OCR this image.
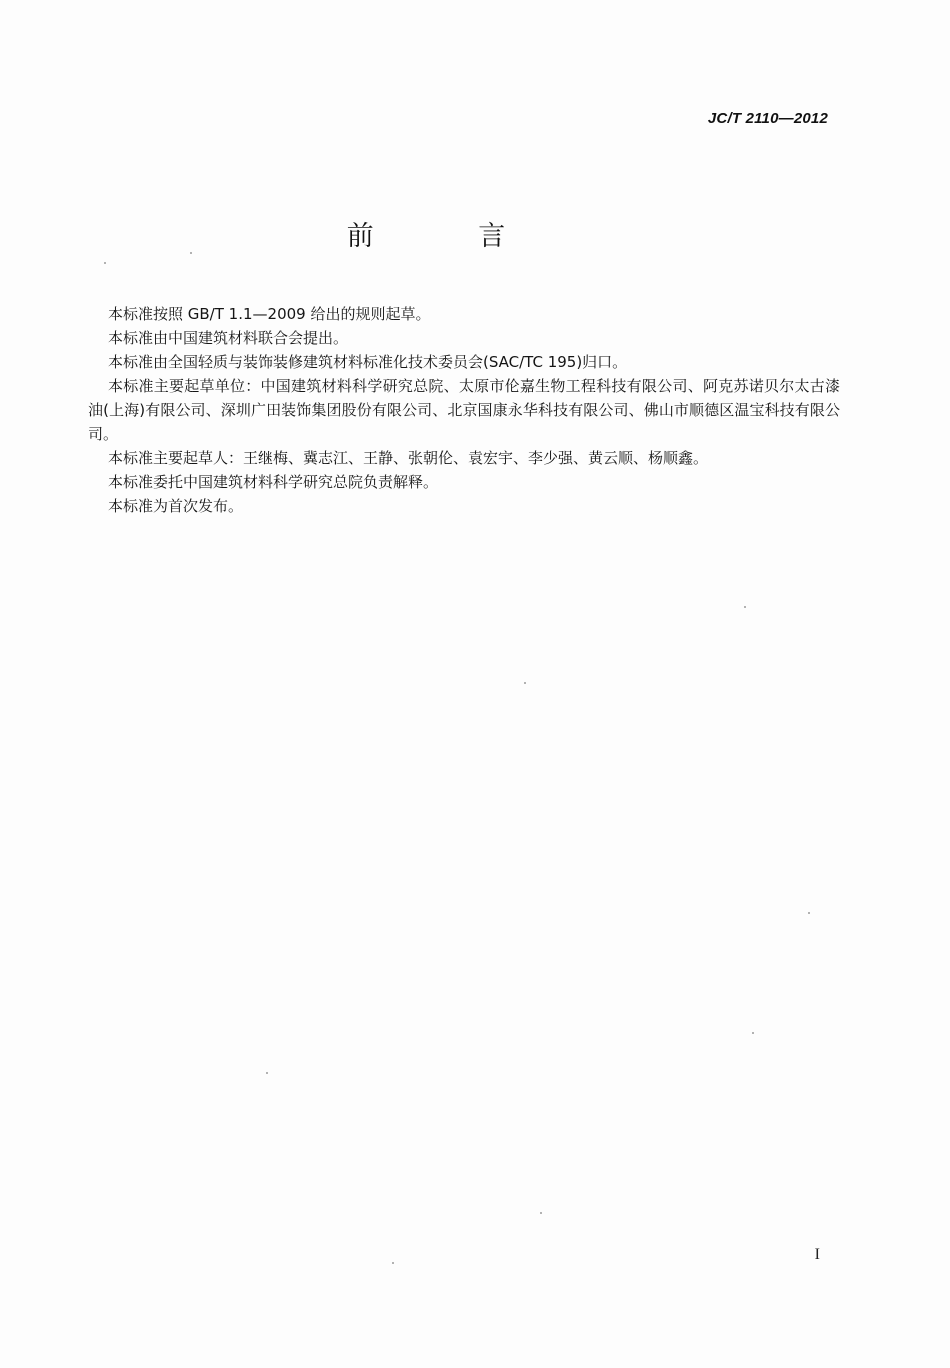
JC/T 2110—2012
前 言

本标准按照 GB/T 1.1—2009 给出的规则起草。

本标准由中国建筑材料联合会提出。

本标准由全国轻质与装饰装修建筑材料标准化技术委员会(SAC/TC 195)归口。

本标准主要起草单位：中国建筑材料科学研究总院、太原市伦嘉生物工程科技有限公司、阿克苏诺贝尔太古漆油(上海)有限公司、深圳广田装饰集团股份有限公司、北京国康永华科技有限公司、佛山市顺德区温宝科技有限公司。

本标准主要起草人：王继梅、冀志江、王静、张朝伦、袁宏宇、李少强、黄云顺、杨顺鑫。

本标准委托中国建筑材料科学研究总院负责解释。

本标准为首次发布。

I
